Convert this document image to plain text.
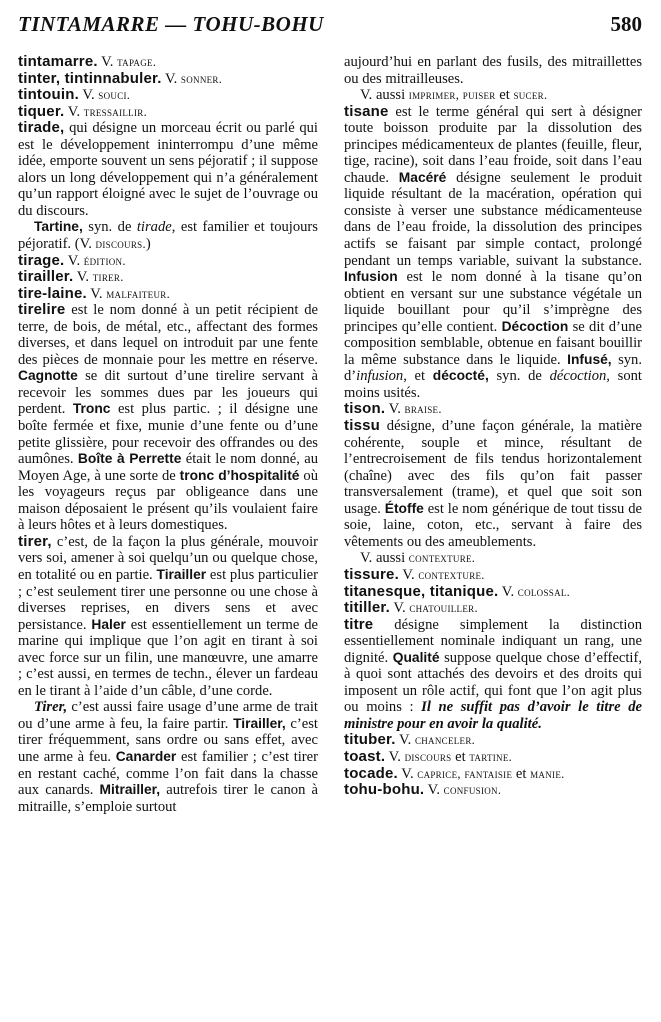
TINTAMARRE — TOHU-BOHU	580

tintamarre. V. tapage.

tinter, tintinnabuler. V. sonner.

tintouin. V. souci.

tiquer. V. tressaillir.

tirade, qui désigne un morceau écrit ou parlé qui est le développement ininterrompu d’une même idée, emporte souvent un sens péjoratif ; il suppose alors un long développement qui n’a généralement qu’un rapport éloigné avec le sujet de l’ouvrage ou du discours.

Tartine, syn. de tirade, est familier et toujours péjoratif. (V. discours.)

tirage. V. édition.

tirailler. V. tirer.

tire-laine. V. malfaiteur.

tirelire est le nom donné à un petit récipient de terre, de bois, de métal, etc., affectant des formes diverses, et dans lequel on introduit par une fente des pièces de monnaie pour les mettre en réserve. Cagnotte se dit surtout d’une tirelire servant à recevoir les sommes dues par les joueurs qui perdent. Tronc est plus partic. ; il désigne une boîte fermée et fixe, munie d’une fente ou d’une petite glissière, pour recevoir des offrandes ou des aumônes. Boîte à Perrette était le nom donné, au Moyen Age, à une sorte de tronc d’hospitalité où les voyageurs reçus par obligeance dans une maison déposaient le présent qu’ils voulaient faire à leurs hôtes et à leurs domestiques.

tirer, c’est, de la façon la plus générale, mouvoir vers soi, amener à soi quelqu’un ou quelque chose, en totalité ou en partie. Tirailler est plus particulier ; c’est seulement tirer une personne ou une chose à diverses reprises, en divers sens et avec persistance. Haler est essentiellement un terme de marine qui implique que l’on agit en tirant à soi avec force sur un filin, une manœuvre, une amarre ; c’est aussi, en termes de techn., élever un fardeau en le tirant à l’aide d’un câble, d’une corde.

Tirer, c’est aussi faire usage d’une arme de trait ou d’une arme à feu, la faire partir. Tirailler, c’est tirer fréquemment, sans ordre ou sans effet, avec une arme à feu. Canarder est familier ; c’est tirer en restant caché, comme l’on fait dans la chasse aux canards. Mitrailler, autrefois tirer le canon à mitraille, s’emploie surtout

aujourd’hui en parlant des fusils, des mitraillettes ou des mitrailleuses.

V. aussi imprimer, puiser et sucer.

tisane est le terme général qui sert à désigner toute boisson produite par la dissolution des principes médicamenteux de plantes (feuille, fleur, tige, racine), soit dans l’eau froide, soit dans l’eau chaude. Macéré désigne seulement le produit liquide résultant de la macération, opération qui consiste à verser une substance médicamenteuse dans de l’eau froide, la dissolution des principes actifs se faisant par simple contact, prolongé pendant un temps variable, suivant la substance. Infusion est le nom donné à la tisane qu’on obtient en versant sur une substance végétale un liquide bouillant pour qu’il s’imprègne des principes qu’elle contient. Décoction se dit d’une composition semblable, obtenue en faisant bouillir la même substance dans le liquide. Infusé, syn. d’infusion, et décocté, syn. de décoction, sont moins usités.

tison. V. braise.

tissu désigne, d’une façon générale, la matière cohérente, souple et mince, résultant de l’entrecroisement de fils tendus horizontalement (chaîne) avec des fils qu’on fait passer transversalement (trame), et quel que soit son usage. Étoffe est le nom générique de tout tissu de soie, laine, coton, etc., servant à faire des vêtements ou des ameublements.

V. aussi contexture.

tissure. V. contexture.

titanesque, titanique. V. colossal.

titiller. V. chatouiller.

titre désigne simplement la distinction essentiellement nominale indiquant un rang, une dignité. Qualité suppose quelque chose d’effectif, à quoi sont attachés des devoirs et des droits qui imposent un rôle actif, qui font que l’on agit plus ou moins : Il ne suffit pas d’avoir le titre de ministre pour en avoir la qualité.

tituber. V. chanceler.

toast. V. discours et tartine.

tocade. V. caprice, fantaisie et manie.

tohu-bohu. V. confusion.
